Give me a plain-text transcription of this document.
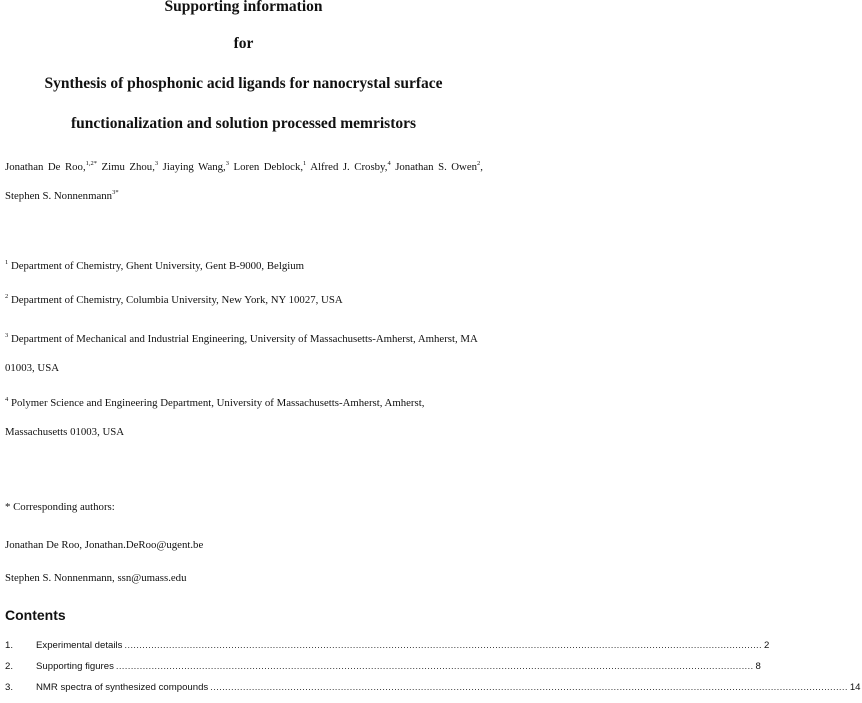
Supporting information

for

Synthesis of phosphonic acid ligands for nanocrystal surface

functionalization and solution processed memristors

Jonathan De Roo,$^{1,2*}$ Zimu Zhou,$^3$ Jiaying Wang,$^3$ Loren Deblock,$^1$ Alfred J. Crosby,$^4$ Jonathan S. Owen$^2$, Stephen S. Nonnenmann$^{3*}$

$^1$ Department of Chemistry, Ghent University, Gent B-9000, Belgium

$^2$ Department of Chemistry, Columbia University, New York, NY 10027, USA

$^3$ Department of Mechanical and Industrial Engineering, University of Massachusetts-Amherst, Amherst, MA 01003, USA

$^4$ Polymer Science and Engineering Department, University of Massachusetts-Amherst, Amherst, Massachusetts 01003, USA

* Corresponding authors:

Jonathan De Roo, Jonathan.DeRoo@ugent.be

Stephen S. Nonnenmann, ssn@umass.edu

Contents

1.	Experimental details ....................................................................................................................................................................................................................... 2
2.	Supporting figures ....................................................................................................................................................................................................................... 8
3.	NMR spectra of synthesized compounds ....................................................................................................................................................................................................................... 14
